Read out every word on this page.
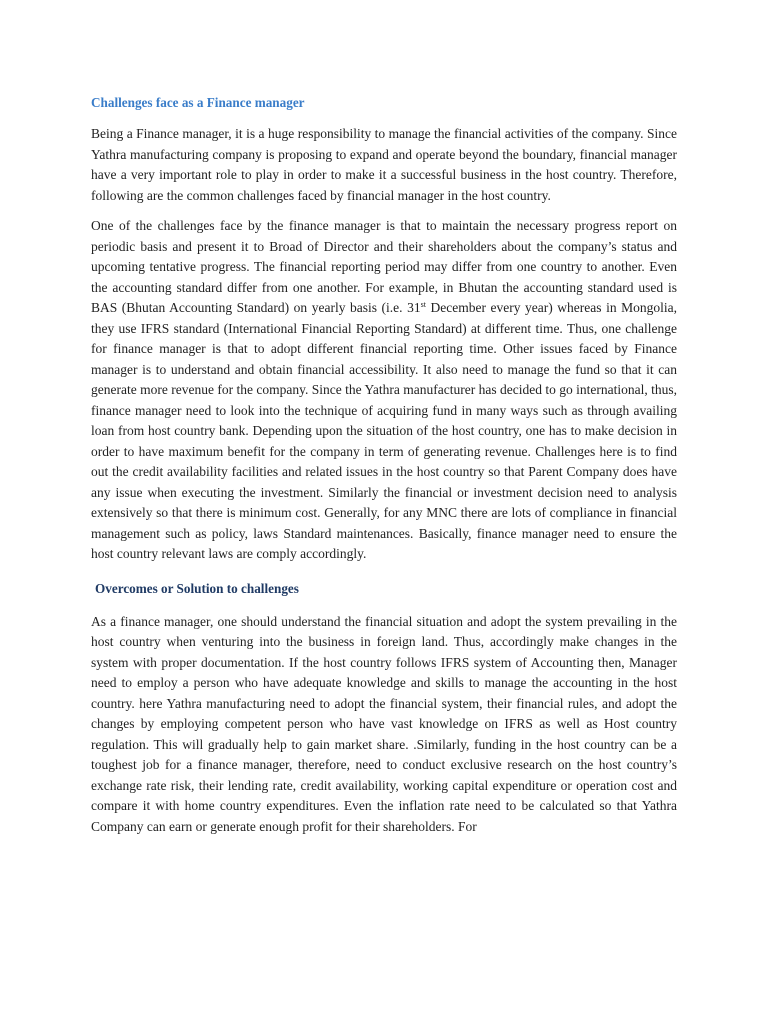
Challenges face as a Finance manager

Being a Finance manager, it is a huge responsibility to manage the financial activities of the company. Since Yathra manufacturing company is proposing to expand and operate beyond the boundary, financial manager have a very important role to play in order to make it a successful business in the host country. Therefore, following are the common challenges faced by financial manager in the host country.

One of the challenges face by the finance manager is that to maintain the necessary progress report on periodic basis and present it to Broad of Director and their shareholders about the company’s status and upcoming tentative progress. The financial reporting period may differ from one country to another. Even the accounting standard differ from one another. For example, in Bhutan the accounting standard used is BAS (Bhutan Accounting Standard) on yearly basis (i.e. 31st December every year) whereas in Mongolia, they use IFRS standard (International Financial Reporting Standard) at different time. Thus, one challenge for finance manager is that to adopt different financial reporting time. Other issues faced by Finance manager is to understand and obtain financial accessibility. It also need to manage the fund so that it can generate more revenue for the company. Since the Yathra manufacturer has decided to go international, thus, finance manager need to look into the technique of acquiring fund in many ways such as through availing loan from host country bank. Depending upon the situation of the host country, one has to make decision in order to have maximum benefit for the company in term of generating revenue. Challenges here is to find out the credit availability facilities and related issues in the host country so that Parent Company does have any issue when executing the investment. Similarly the financial or investment decision need to analysis extensively so that there is minimum cost. Generally, for any MNC there are lots of compliance in financial management such as policy, laws Standard maintenances. Basically, finance manager need to ensure the host country relevant laws are comply accordingly.

Overcomes or Solution to challenges

As a finance manager, one should understand the financial situation and adopt the system prevailing in the host country when venturing into the business in foreign land. Thus, accordingly make changes in the system with proper documentation. If the host country follows IFRS system of Accounting then, Manager need to employ a person who have adequate knowledge and skills to manage the accounting in the host country. here Yathra manufacturing need to adopt the financial system, their financial rules, and adopt the changes by employing competent person who have vast knowledge on IFRS as well as Host country regulation. This will gradually help to gain market share. .Similarly, funding in the host country can be a toughest job for a finance manager, therefore, need to conduct exclusive research on the host country’s exchange rate risk, their lending rate, credit availability, working capital expenditure or operation cost and compare it with home country expenditures. Even the inflation rate need to be calculated so that Yathra Company can earn or generate enough profit for their shareholders. For
